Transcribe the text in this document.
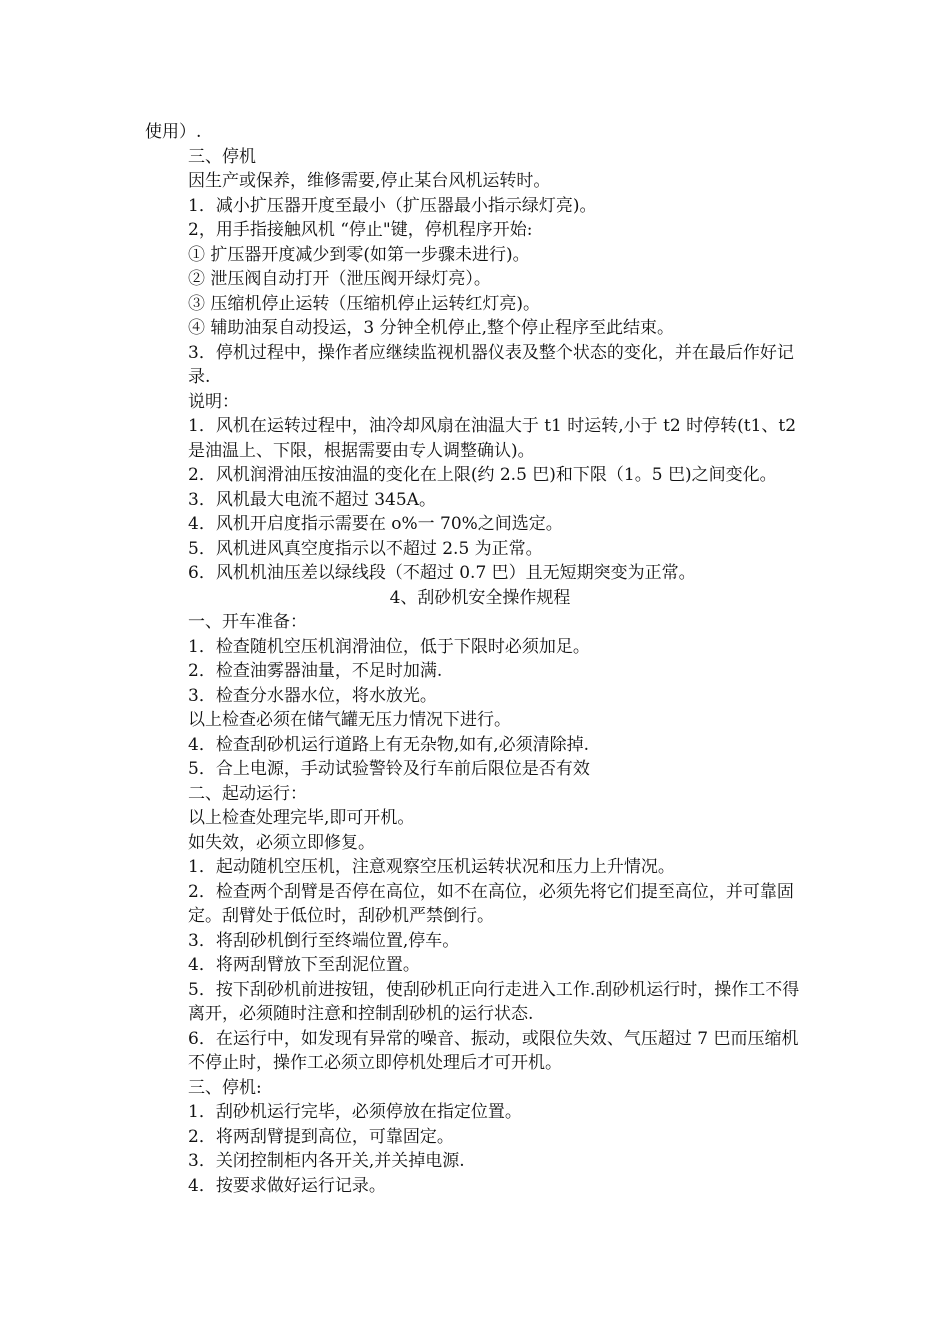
使用）.
三、停机
因生产或保养，维修需要,停止某台风机运转时。
1．减小扩压器开度至最小（扩压器最小指示绿灯亮)。
2，用手指接触风机 “停止"键，停机程序开始:
① 扩压器开度减少到零(如第一步骤未进行)。
② 泄压阀自动打开（泄压阀开绿灯亮）。
③ 压缩机停止运转（压缩机停止运转红灯亮)。
④ 辅助油泵自动投运，3 分钟全机停止,整个停止程序至此结束。
3．停机过程中，操作者应继续监视机器仪表及整个状态的变化，并在最后作好记录.
说明：
1．风机在运转过程中，油冷却风扇在油温大于 t1 时运转,小于 t2 时停转(t1、t2 是油温上、下限，根据需要由专人调整确认)。
2．风机润滑油压按油温的变化在上限(约 2.5 巴)和下限（1。5 巴)之间变化。
3．风机最大电流不超过 345A。
4．风机开启度指示需要在 o%一 70%之间选定。
5．风机进风真空度指示以不超过 2.5 为正常。
6．风机机油压差以绿线段（不超过 0.7 巴）且无短期突变为正常。
4、刮砂机安全操作规程
一、开车准备：
1．检查随机空压机润滑油位，低于下限时必须加足。
2．检查油雾器油量，不足时加满.
3．检查分水器水位，将水放光。
以上检查必须在储气罐无压力情况下进行。
4．检查刮砂机运行道路上有无杂物,如有,必须清除掉.
5．合上电源，手动试验警铃及行车前后限位是否有效
二、起动运行：
以上检查处理完毕,即可开机。
如失效，必须立即修复。
1．起动随机空压机，注意观察空压机运转状况和压力上升情况。
2．检查两个刮臂是否停在高位，如不在高位，必须先将它们提至高位，并可靠固定。刮臂处于低位时，刮砂机严禁倒行。
3．将刮砂机倒行至终端位置,停车。
4．将两刮臂放下至刮泥位置。
5．按下刮砂机前进按钮，使刮砂机正向行走进入工作.刮砂机运行时，操作工不得离开，必须随时注意和控制刮砂机的运行状态.
6．在运行中，如发现有异常的噪音、振动，或限位失效、气压超过 7 巴而压缩机不停止时，操作工必须立即停机处理后才可开机。
三、停机:
1．刮砂机运行完毕，必须停放在指定位置。
2．将两刮臂提到高位，可靠固定。
3．关闭控制柜内各开关,并关掉电源.
4．按要求做好运行记录。
